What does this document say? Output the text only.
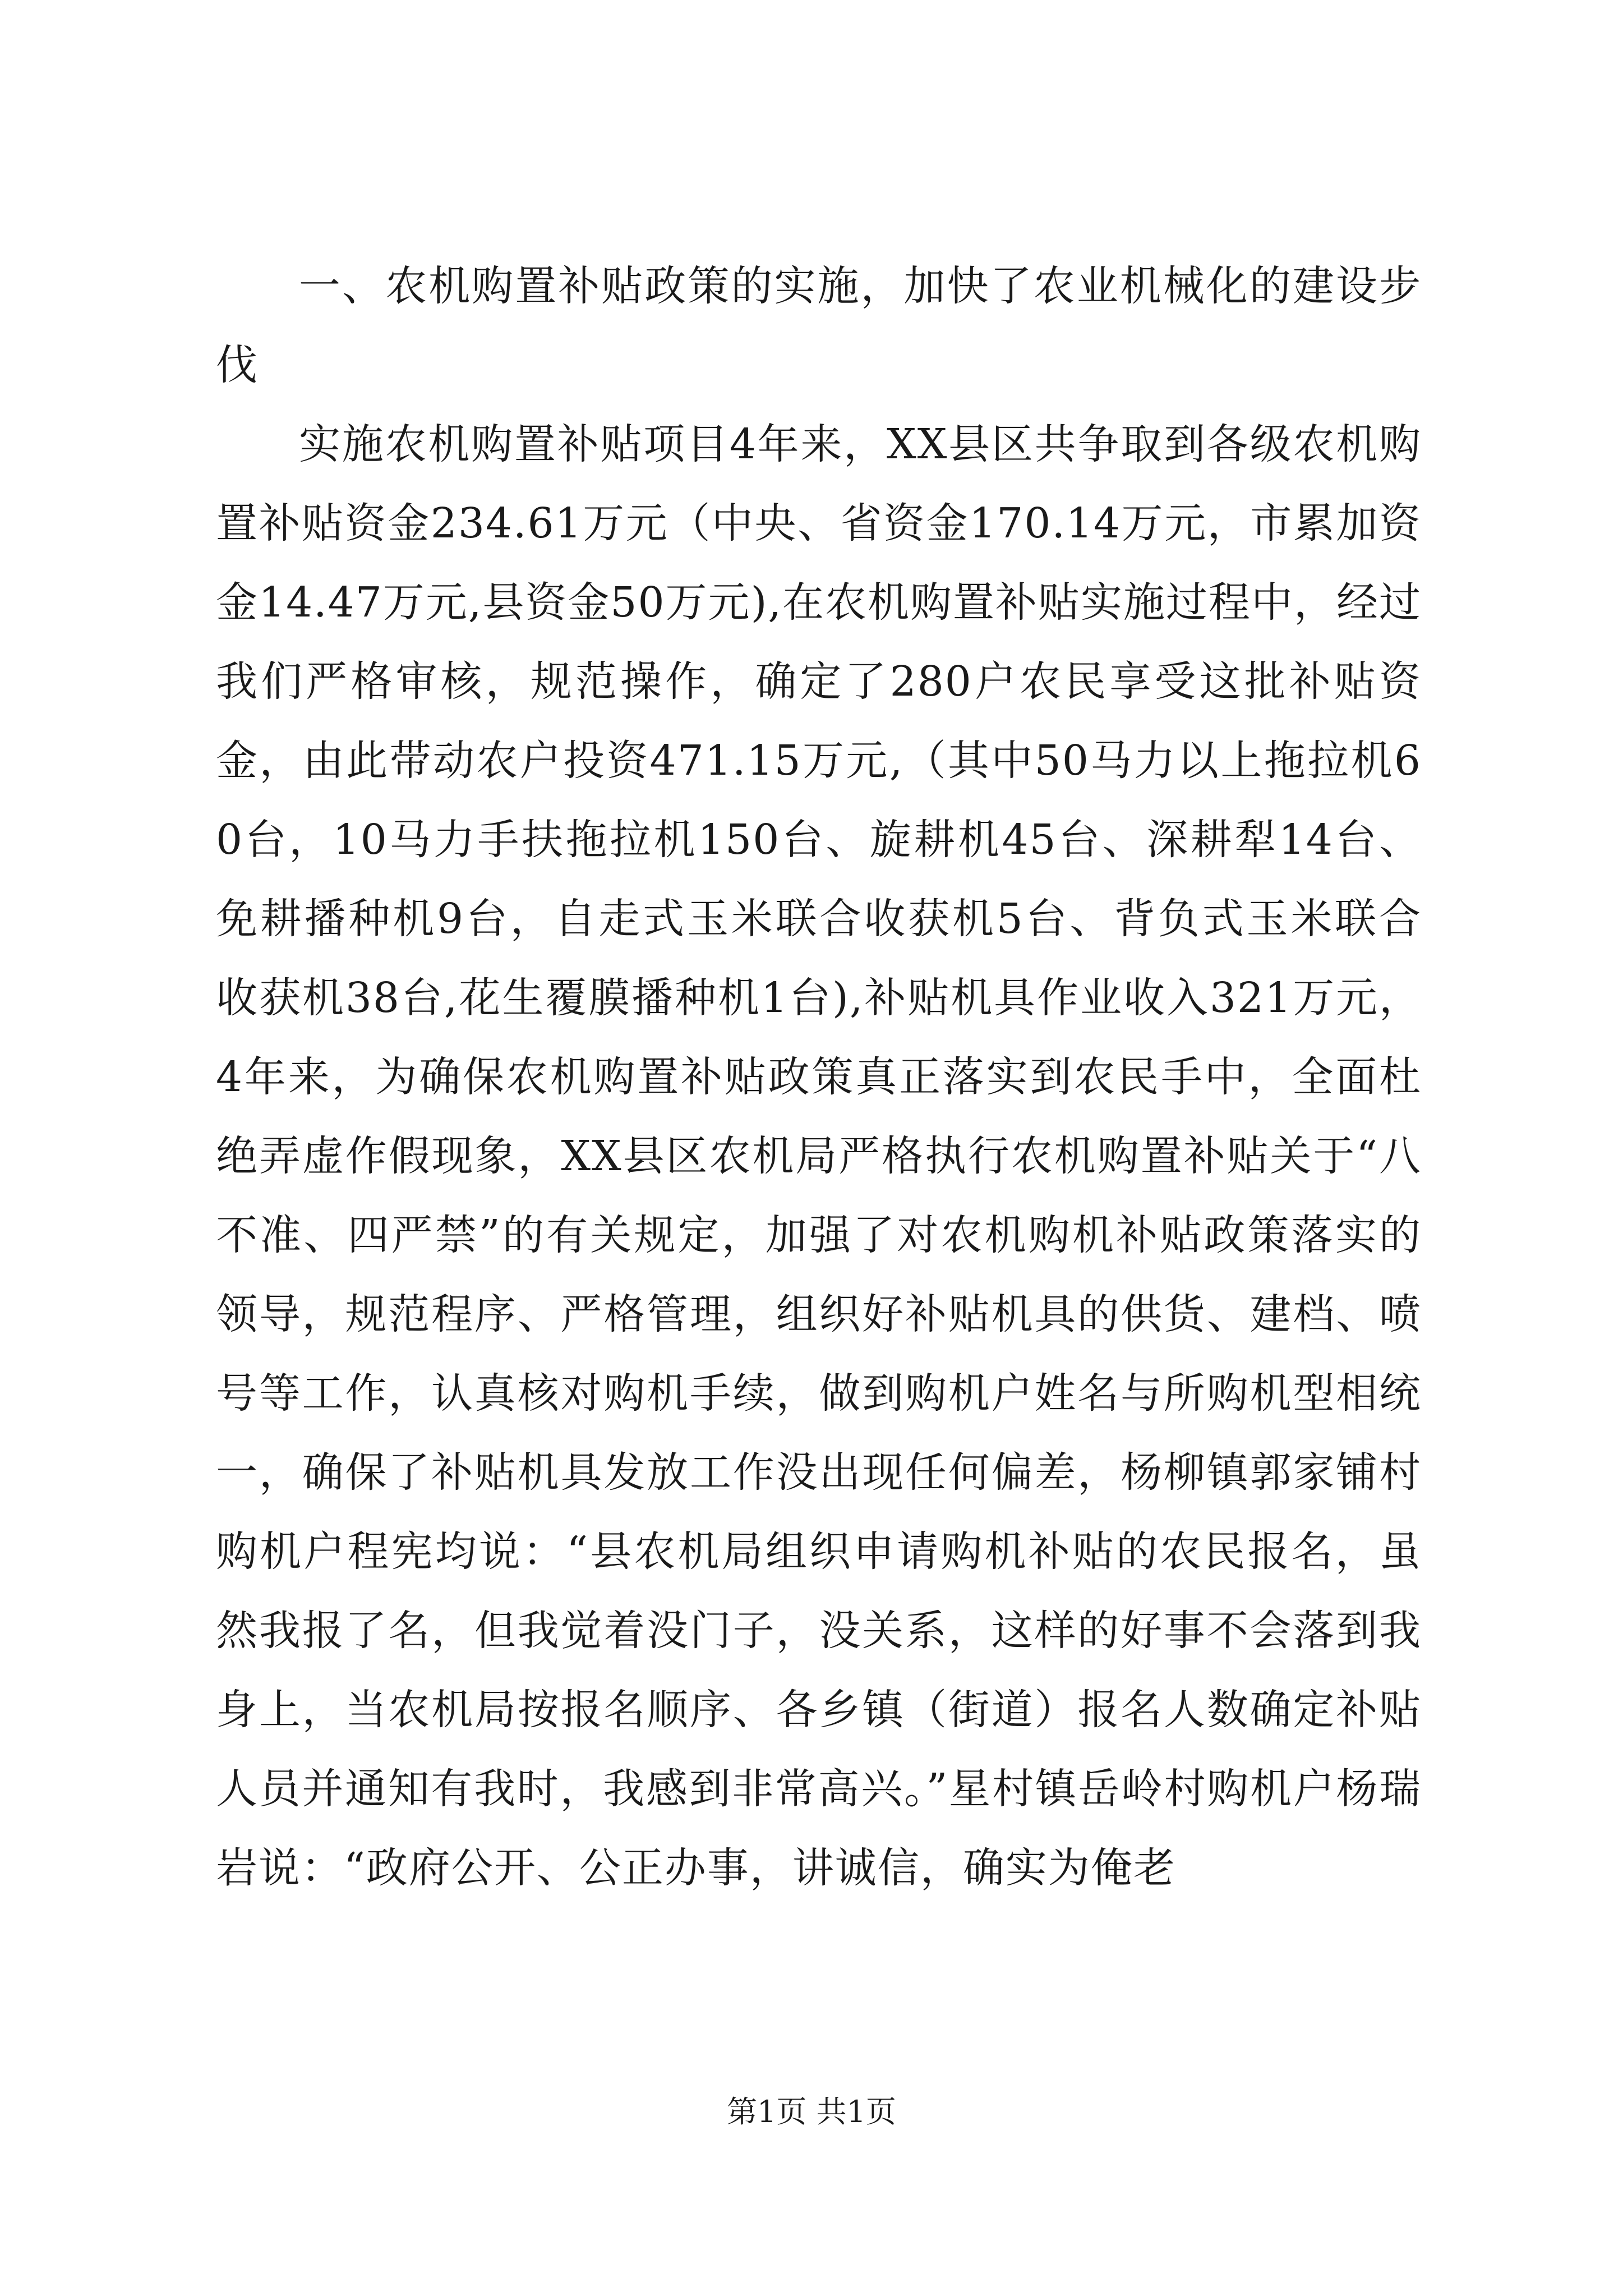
一、农机购置补贴政策的实施，加快了农业机械化的建设步伐

实施农机购置补贴项目4年来，XX县区共争取到各级农机购置补贴资金234.61万元（中央、省资金170.14万元，市累加资金14.47万元,县资金50万元),在农机购置补贴实施过程中，经过我们严格审核，规范操作，确定了280户农民享受这批补贴资金，由此带动农户投资471.15万元,（其中50马力以上拖拉机60台，10马力手扶拖拉机150台、旋耕机45台、深耕犁14台、免耕播种机9台，自走式玉米联合收获机5台、背负式玉米联合收获机38台,花生覆膜播种机1台),补贴机具作业收入321万元，4年来，为确保农机购置补贴政策真正落实到农民手中，全面杜绝弄虚作假现象，XX县区农机局严格执行农机购置补贴关于“八不准、四严禁”的有关规定，加强了对农机购机补贴政策落实的领导，规范程序、严格管理，组织好补贴机具的供货、建档、喷号等工作，认真核对购机手续，做到购机户姓名与所购机型相统一，确保了补贴机具发放工作没出现任何偏差，杨柳镇郭家铺村购机户程宪均说：“县农机局组织申请购机补贴的农民报名，虽然我报了名，但我觉着没门子，没关系，这样的好事不会落到我身上，当农机局按报名顺序、各乡镇（街道）报名人数确定补贴人员并通知有我时，我感到非常高兴。”星村镇岳岭村购机户杨瑞岩说：“政府公开、公正办事，讲诚信，确实为俺老

第1页 共1页
